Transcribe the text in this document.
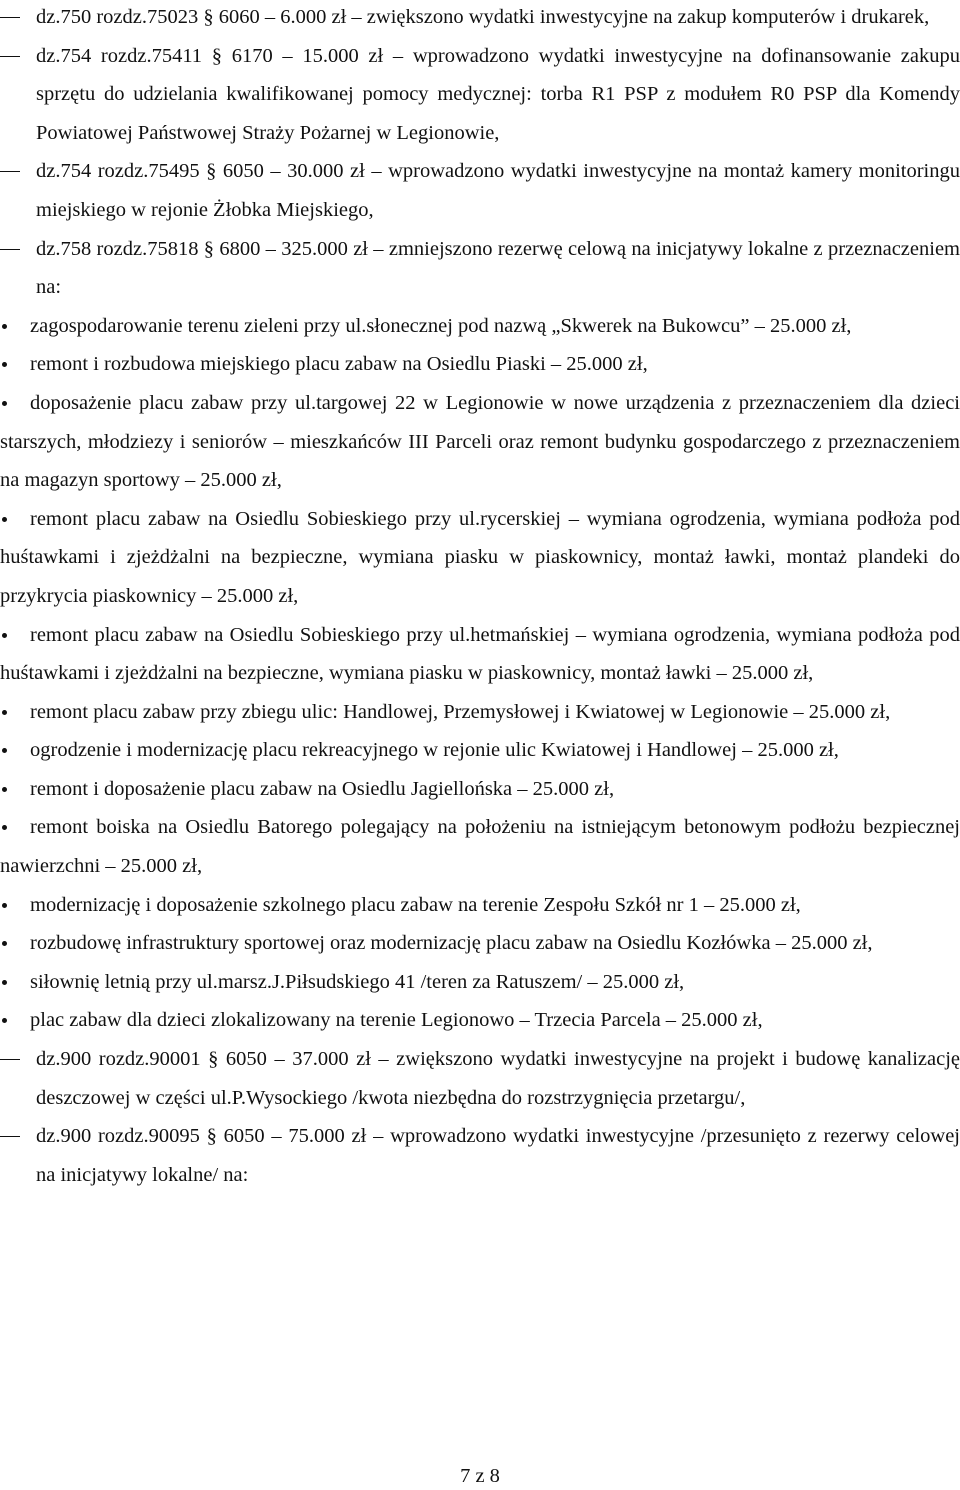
dz.750 rozdz.75023 § 6060 – 6.000 zł – zwiększono wydatki inwestycyjne na zakup komputerów i drukarek,
dz.754 rozdz.75411 § 6170 – 15.000 zł – wprowadzono wydatki inwestycyjne na dofinansowanie zakupu sprzętu do udzielania kwalifikowanej pomocy medycznej: torba R1 PSP z modułem R0 PSP dla Komendy Powiatowej Państwowej Straży Pożarnej w Legionowie,
dz.754 rozdz.75495 § 6050 – 30.000 zł – wprowadzono wydatki inwestycyjne na montaż kamery monitoringu miejskiego w rejonie Żłobka Miejskiego,
dz.758 rozdz.75818 § 6800 – 325.000 zł – zmniejszono rezerwę celową na inicjatywy lokalne z przeznaczeniem na:
zagospodarowanie terenu zieleni przy ul.słonecznej pod nazwą „Skwerek na Bukowcu” – 25.000 zł,
remont i rozbudowa miejskiego placu zabaw na Osiedlu Piaski – 25.000 zł,
doposażenie placu zabaw przy ul.targowej 22 w Legionowie w nowe urządzenia z przeznaczeniem dla dzieci starszych, młodziezy i seniorów – mieszkańców III Parceli oraz remont budynku gospodarczego z przeznaczeniem na magazyn sportowy – 25.000 zł,
remont placu zabaw na Osiedlu Sobieskiego przy ul.rycerskiej – wymiana ogrodzenia, wymiana podłoża pod huśtawkami i zjeżdżalni na bezpieczne, wymiana piasku w piaskownicy, montaż ławki, montaż plandeki do przykrycia piaskownicy – 25.000 zł,
remont placu zabaw na Osiedlu Sobieskiego przy ul.hetmańskiej – wymiana ogrodzenia, wymiana podłoża pod huśtawkami i zjeżdżalni na bezpieczne, wymiana piasku w piaskownicy, montaż ławki – 25.000 zł,
remont placu zabaw przy zbiegu ulic: Handlowej, Przemysłowej i Kwiatowej w Legionowie – 25.000 zł,
ogrodzenie i modernizację placu rekreacyjnego w rejonie ulic Kwiatowej i Handlowej – 25.000 zł,
remont i doposażenie placu zabaw na Osiedlu Jagiellońska – 25.000 zł,
remont boiska na Osiedlu Batorego polegający na położeniu na istniejącym betonowym podłożu bezpiecznej nawierzchni – 25.000 zł,
modernizację i doposażenie szkolnego placu zabaw na terenie Zespołu Szkół nr 1 – 25.000 zł,
rozbudowę infrastruktury sportowej oraz modernizację placu zabaw na Osiedlu Kozłówka – 25.000 zł,
siłownię letnią przy ul.marsz.J.Piłsudskiego 41 /teren za Ratuszem/ – 25.000 zł,
plac zabaw dla dzieci zlokalizowany na terenie Legionowo – Trzecia Parcela – 25.000 zł,
dz.900 rozdz.90001 § 6050 – 37.000 zł – zwiększono wydatki inwestycyjne na projekt i budowę kanalizację deszczowej w części ul.P.Wysockiego /kwota niezbędna do rozstrzygnięcia przetargu/,
dz.900 rozdz.90095 § 6050 – 75.000 zł – wprowadzono wydatki inwestycyjne /przesunięto z rezerwy celowej na inicjatywy lokalne/ na:
7 z 8
